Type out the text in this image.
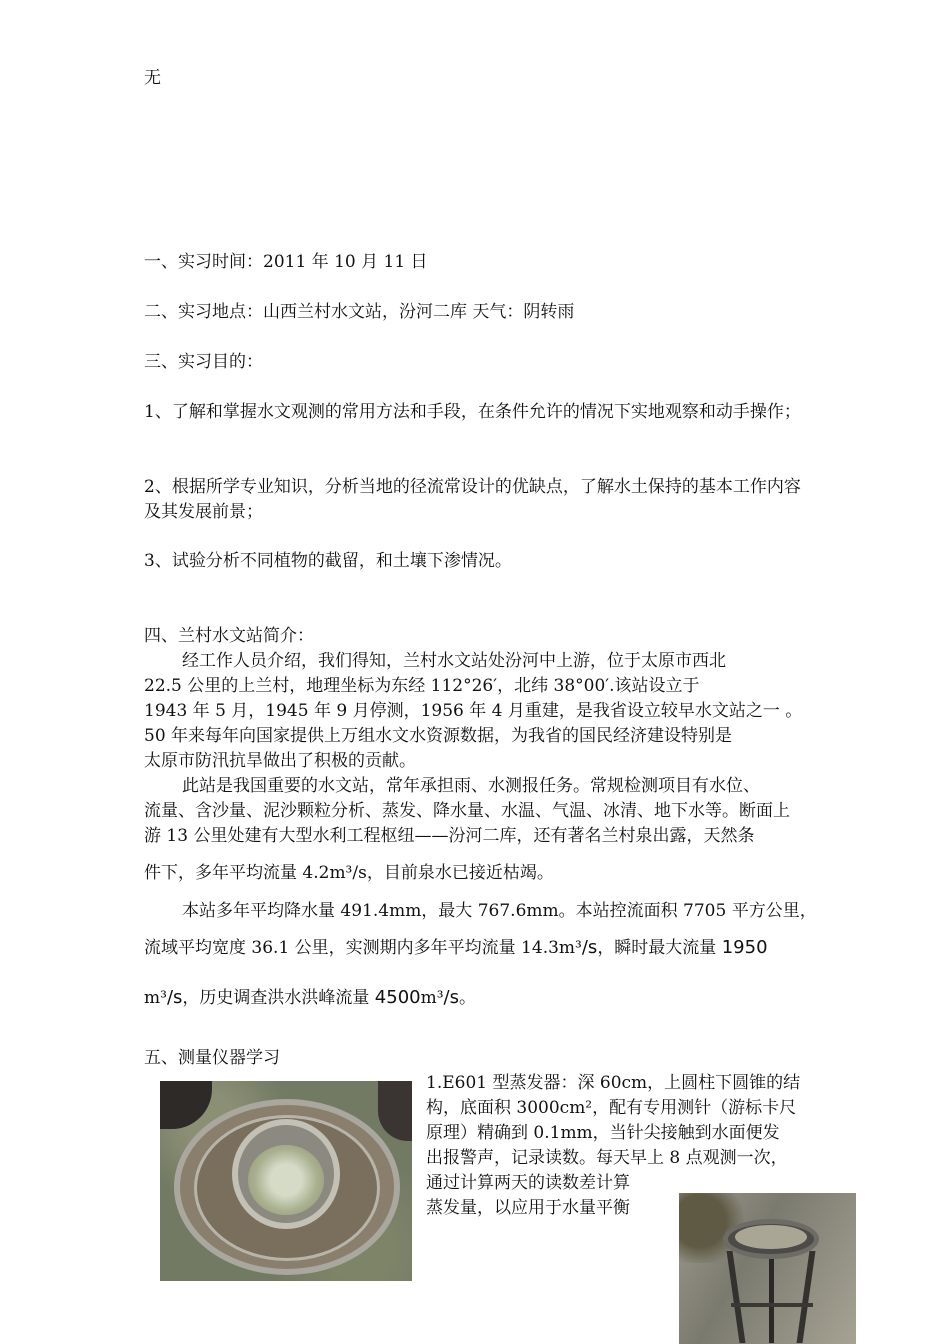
无
一、实习时间：2011 年 10 月 11 日
二、实习地点：山西兰村水文站，汾河二库 天气：阴转雨
三、实习目的：
1、了解和掌握水文观测的常用方法和手段，在条件允许的情况下实地观察和动手操作；
2、根据所学专业知识，分析当地的径流常设计的优缺点，了解水土保持的基本工作内容及其发展前景；
3、试验分析不同植物的截留，和土壤下渗情况。
四、兰村水文站简介：
经工作人员介绍，我们得知，兰村水文站处汾河中上游，位于太原市西北
22.5 公里的上兰村，地理坐标为东经 112°26′，北纬 38°00′.该站设立于
1943 年 5 月，1945 年 9 月停测，1956 年 4 月重建，是我省设立较早水文站之一 。
50 年来每年向国家提供上万组水文水资源数据，为我省的国民经济建设特别是
太原市防汛抗旱做出了积极的贡献。
此站是我国重要的水文站，常年承担雨、水测报任务。常规检测项目有水位、
流量、含沙量、泥沙颗粒分析、蒸发、降水量、水温、气温、冰清、地下水等。断面上
游 13 公里处建有大型水利工程枢纽——汾河二库，还有著名兰村泉出露，天然条
件下，多年平均流量 4.2m³/s，目前泉水已接近枯竭。
本站多年平均降水量 491.4mm，最大 767.6mm。本站控流面积 7705 平方公里，
流域平均宽度 36.1 公里，实测期内多年平均流量 14.3m³/s，瞬时最大流量 1950
m³/s，历史调查洪水洪峰流量 4500m³/s。
五、测量仪器学习
1.E601 型蒸发器：深 60cm，上圆柱下圆锥的结
构，底面积 3000cm²，配有专用测针（游标卡尺
原理）精确到 0.1mm，当针尖接触到水面便发
出报警声，记录读数。每天早上 8 点观测一次，
通过计算两天的读数差计算
蒸发量，以应用于水量平衡
